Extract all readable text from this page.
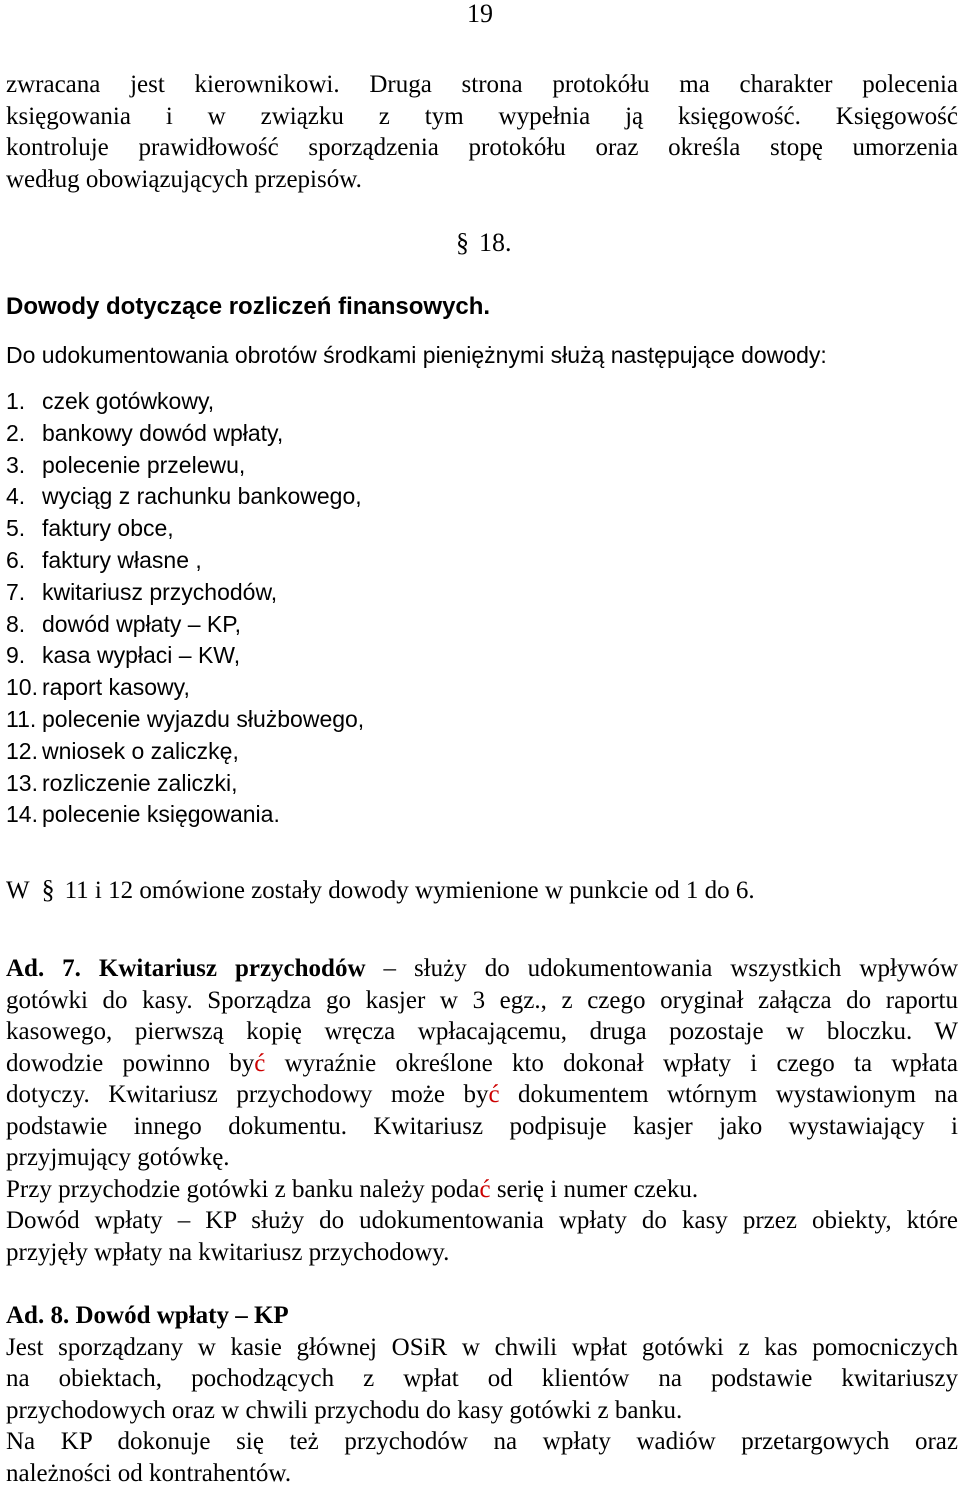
19
zwracana jest kierownikowi. Druga strona protokółu ma charakter polecenia
księgowania i w związku z tym wypełnia ją księgowość. Księgowość
kontroluje prawidłowość sporządzenia protokółu oraz określa stopę umorzenia
według obowiązujących przepisów.
§ 18.
Dowody dotyczące rozliczeń finansowych.
Do udokumentowania obrotów środkami pieniężnymi służą następujące dowody:
1. czek gotówkowy,
2. bankowy dowód wpłaty,
3. polecenie przelewu,
4. wyciąg z rachunku bankowego,
5. faktury obce,
6. faktury własne ,
7. kwitariusz przychodów,
8. dowód wpłaty – KP,
9. kasa wypłaci – KW,
10. raport kasowy,
11. polecenie wyjazdu służbowego,
12. wniosek o zaliczkę,
13. rozliczenie zaliczki,
14. polecenie księgowania.
W § 11 i 12 omówione zostały dowody wymienione w punkcie od 1 do 6.
Ad. 7. Kwitariusz przychodów – służy do udokumentowania wszystkich wpływów
gotówki do kasy. Sporządza go kasjer w 3 egz., z czego oryginał załącza do raportu
kasowego, pierwszą kopię wręcza wpłacającemu, druga pozostaje w bloczku. W
dowodzie powinno być wyraźnie określone kto dokonał wpłaty i czego ta wpłata
dotyczy. Kwitariusz przychodowy może być dokumentem wtórnym wystawionym na
podstawie innego dokumentu. Kwitariusz podpisuje kasjer jako wystawiający i
przyjmujący gotówkę.
Przy przychodzie gotówki z banku należy podać serię i numer czeku.
Dowód wpłaty – KP służy do udokumentowania wpłaty do kasy przez obiekty, które
przyjęły wpłaty na kwitariusz przychodowy.
Ad. 8. Dowód wpłaty – KP
Jest sporządzany w kasie głównej OSiR w chwili wpłat gotówki z kas pomocniczych
na obiektach, pochodzących z wpłat od klientów na podstawie kwitariuszy
przychodowych oraz w chwili przychodu do kasy gotówki z banku.
Na KP dokonuje się też przychodów na wpłaty wadiów przetargowych oraz
należności od kontrahentów.
